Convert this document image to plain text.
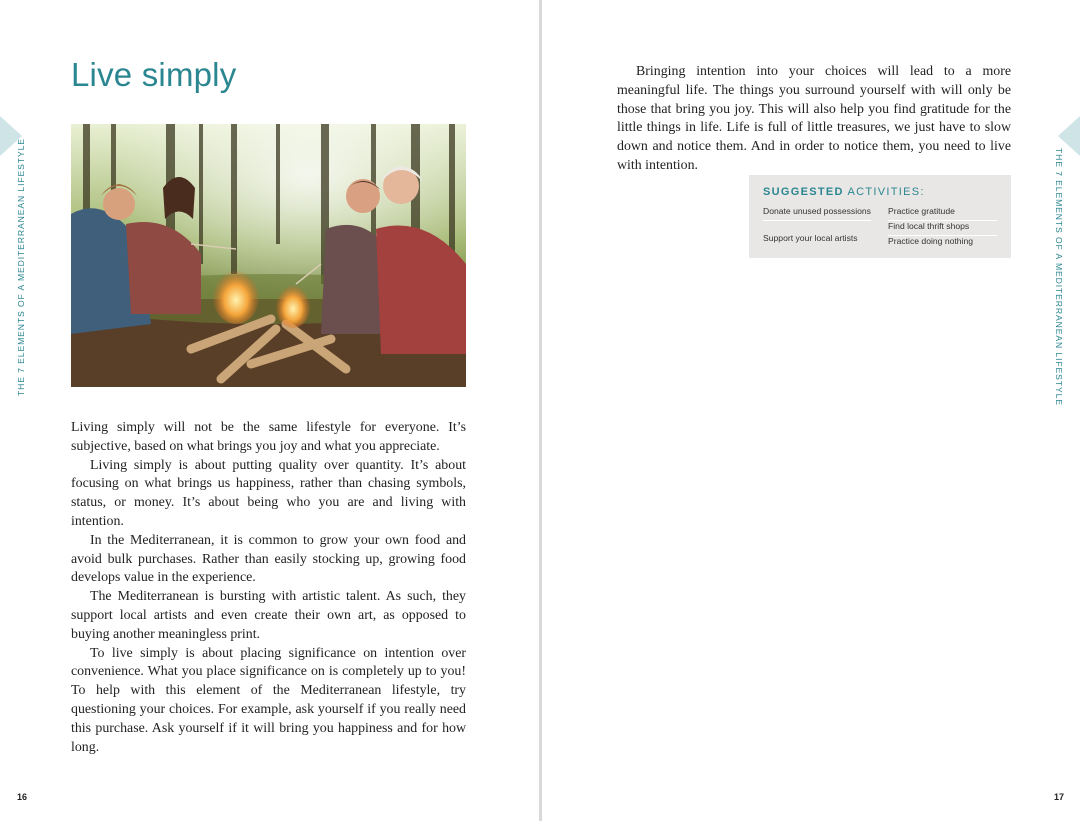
THE 7 ELEMENTS OF A MEDITERRANEAN LIFESTYLE
Live simply

Living simply will not be the same lifestyle for everyone. It’s subjective, based on what brings you joy and what you appreciate.

Living simply is about putting quality over quantity. It’s about focusing on what brings us happiness, rather than chasing symbols, status, or money. It’s about being who you are and living with intention.

In the Mediterranean, it is common to grow your own food and avoid bulk purchases. Rather than easily stocking up, growing food develops value in the experience.

The Mediterranean is bursting with artistic talent. As such, they support local artists and even create their own art, as opposed to buying another meaningless print.

To live simply is about placing significance on intention over convenience. What you place significance on is completely up to you! To help with this element of the Mediterranean lifestyle, try questioning your choices. For example, ask yourself if you really need this purchase. Ask yourself if it will bring you happiness and for how long.

16
THE 7 ELEMENTS OF A MEDITERRANEAN LIFESTYLE

Bringing intention into your choices will lead to a more meaningful life. The things you surround yourself with will only be those that bring you joy. This will also help you find gratitude for the little things in life. Life is full of little treasures, we just have to slow down and notice them. And in order to notice them, you need to live with intention.

SUGGESTED ACTIVITIES:
Donate unused possessions
Support your local artists
Practice gratitude
Find local thrift shops
Practice doing nothing
17
